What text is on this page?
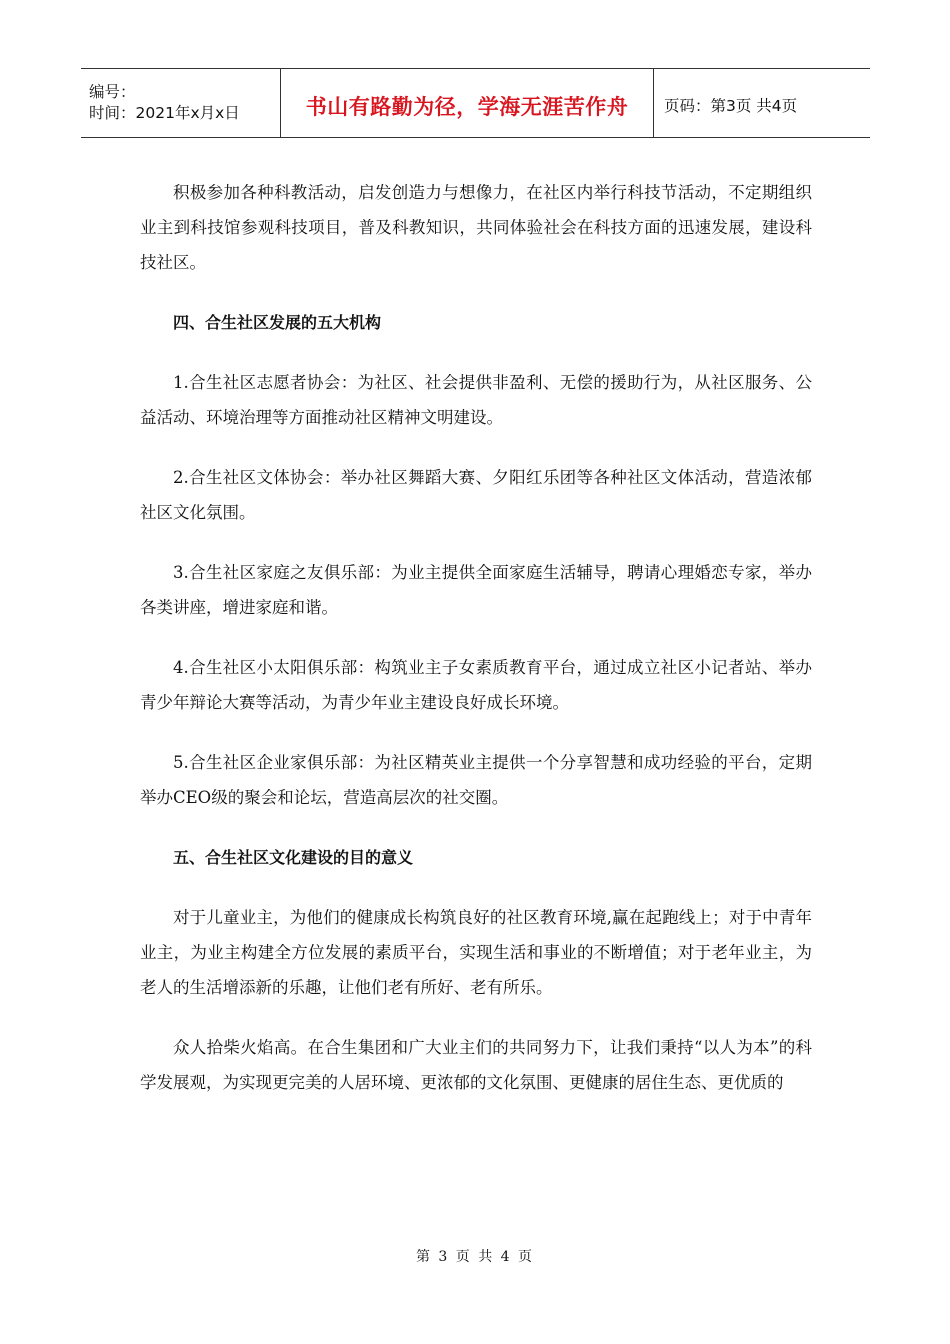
编号：
时间：2021年x月x日	书山有路勤为径，学海无涯苦作舟	页码：第3页 共4页

积极参加各种科教活动，启发创造力与想像力，在社区内举行科技节活动，不定期组织业主到科技馆参观科技项目，普及科教知识，共同体验社会在科技方面的迅速发展，建设科技社区。

四、合生社区发展的五大机构

1.合生社区志愿者协会：为社区、社会提供非盈利、无偿的援助行为，从社区服务、公益活动、环境治理等方面推动社区精神文明建设。

2.合生社区文体协会：举办社区舞蹈大赛、夕阳红乐团等各种社区文体活动，营造浓郁社区文化氛围。

3.合生社区家庭之友俱乐部：为业主提供全面家庭生活辅导，聘请心理婚恋专家，举办各类讲座，增进家庭和谐。

4.合生社区小太阳俱乐部：构筑业主子女素质教育平台，通过成立社区小记者站、举办青少年辩论大赛等活动，为青少年业主建设良好成长环境。

5.合生社区企业家俱乐部：为社区精英业主提供一个分享智慧和成功经验的平台，定期举办CEO级的聚会和论坛，营造高层次的社交圈。

五、合生社区文化建设的目的意义

对于儿童业主，为他们的健康成长构筑良好的社区教育环境,赢在起跑线上；对于中青年业主，为业主构建全方位发展的素质平台，实现生活和事业的不断增值；对于老年业主，为老人的生活增添新的乐趣，让他们老有所好、老有所乐。

众人拾柴火焰高。在合生集团和广大业主们的共同努力下，让我们秉持“以人为本”的科学发展观，为实现更完美的人居环境、更浓郁的文化氛围、更健康的居住生态、更优质的

第 3 页 共 4 页
